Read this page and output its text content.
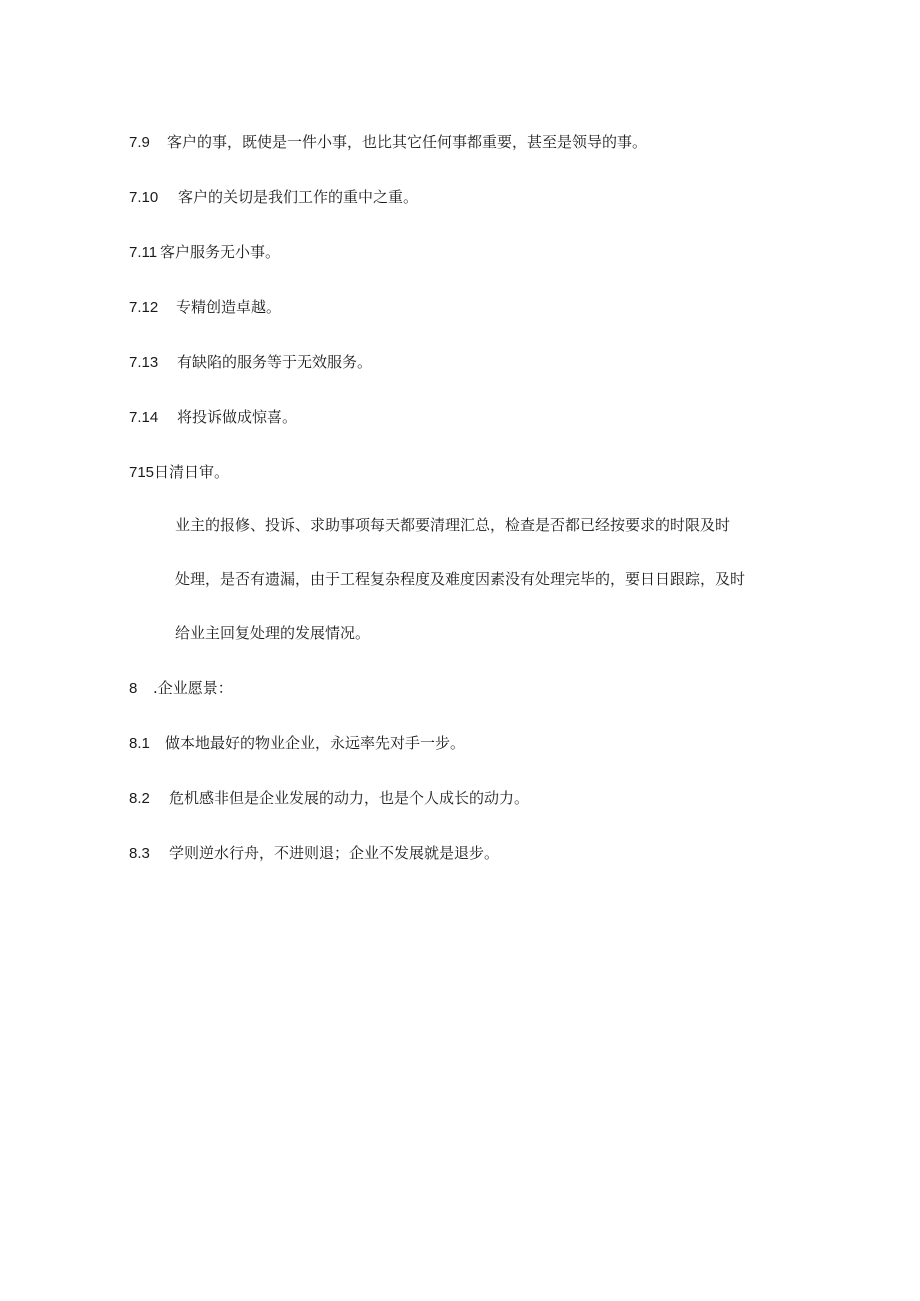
7.9 客户的事，既使是一件小事，也比其它任何事都重要，甚至是领导的事。
7.10 客户的关切是我们工作的重中之重。
7.11 客户服务无小事。
7.12 专精创造卓越。
7.13 有缺陷的服务等于无效服务。
7.14 将投诉做成惊喜。
715日清日审。
业主的报修、投诉、求助事项每天都要清理汇总，检查是否都已经按要求的时限及时
处理，是否有遗漏，由于工程复杂程度及难度因素没有处理完毕的，要日日跟踪，及时
给业主回复处理的发展情况。
8 .企业愿景：
8.1 做本地最好的物业企业，永远率先对手一步。
8.2 危机感非但是企业发展的动力，也是个人成长的动力。
8.3 学则逆水行舟，不进则退；企业不发展就是退步。
